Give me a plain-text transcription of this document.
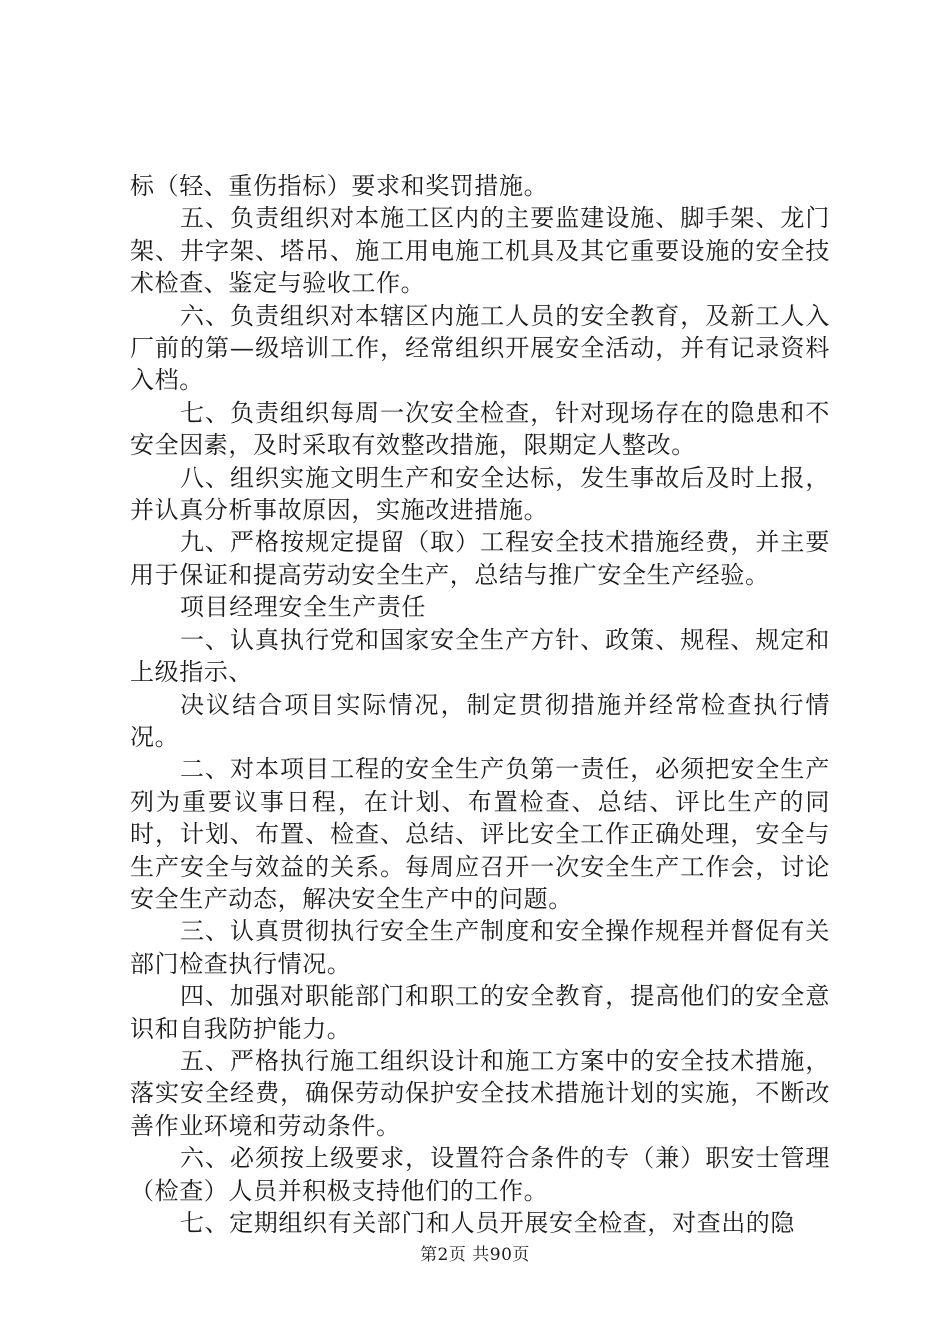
标（轻、重伤指标）要求和奖罚措施。

五、负责组织对本施工区内的主要监建设施、脚手架、龙门架、井字架、塔吊、施工用电施工机具及其它重要设施的安全技术检查、鉴定与验收工作。

六、负责组织对本辖区内施工人员的安全教育，及新工人入厂前的第—级培训工作，经常组织开展安全活动，并有记录资料入档。

七、负责组织每周一次安全检查，针对现场存在的隐患和不安全因素，及时采取有效整改措施，限期定人整改。

八、组织实施文明生产和安全达标，发生事故后及时上报，并认真分析事故原因，实施改进措施。

九、严格按规定提留（取）工程安全技术措施经费，并主要用于保证和提高劳动安全生产，总结与推广安全生产经验。

项目经理安全生产责任

一、认真执行党和国家安全生产方针、政策、规程、规定和上级指示、

决议结合项目实际情况，制定贯彻措施并经常检查执行情况。

二、对本项目工程的安全生产负第一责任，必须把安全生产列为重要议事日程，在计划、布置检查、总结、评比生产的同时，计划、布置、检查、总结、评比安全工作正确处理，安全与生产安全与效益的关系。每周应召开一次安全生产工作会，讨论安全生产动态，解决安全生产中的问题。

三、认真贯彻执行安全生产制度和安全操作规程并督促有关部门检查执行情况。

四、加强对职能部门和职工的安全教育，提高他们的安全意识和自我防护能力。

五、严格执行施工组织设计和施工方案中的安全技术措施，落实安全经费，确保劳动保护安全技术措施计划的实施，不断改善作业环境和劳动条件。

六、必须按上级要求，设置符合条件的专（兼）职安士管理（检查）人员并积极支持他们的工作。

七、定期组织有关部门和人员开展安全检查，对查出的隐

第2页 共90页
